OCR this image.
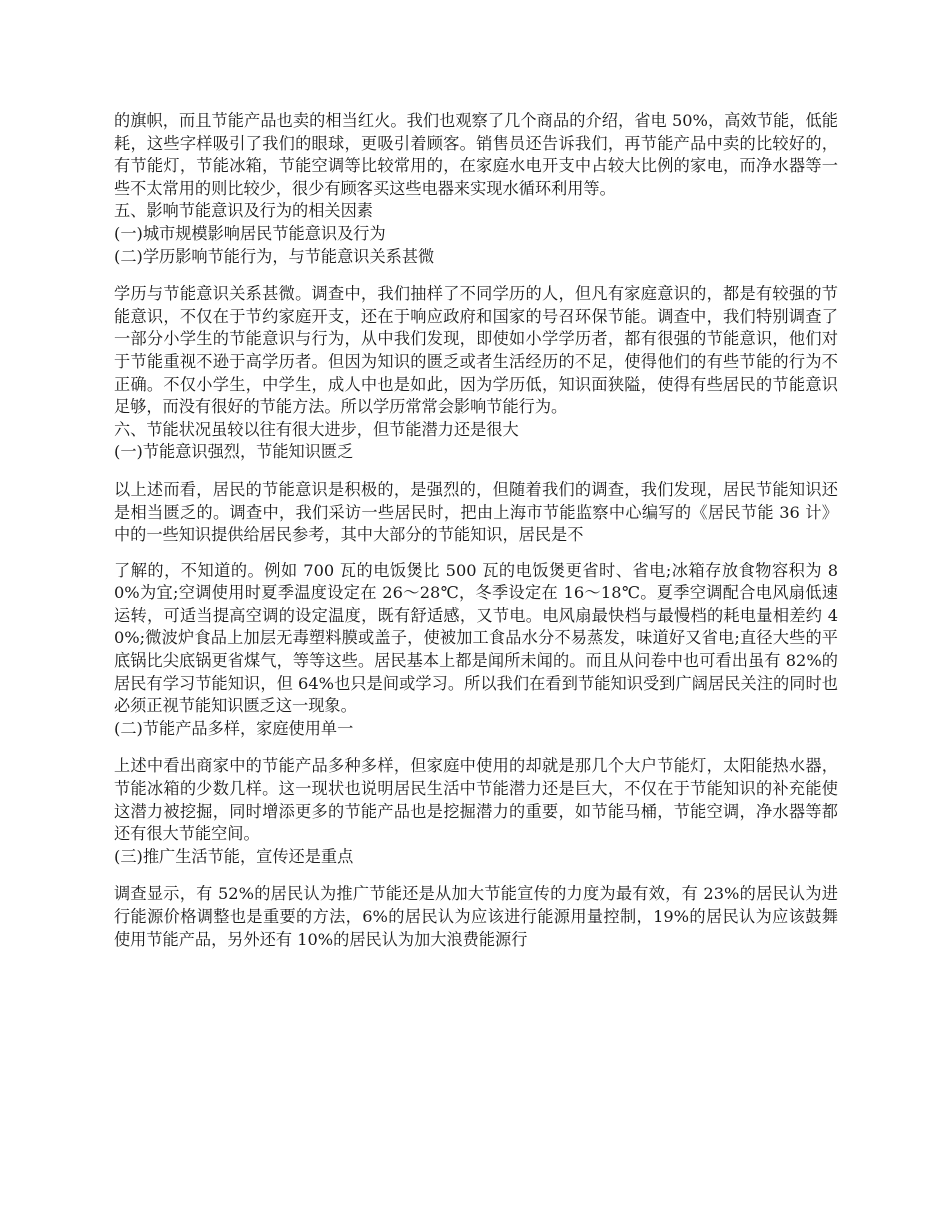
的旗帜，而且节能产品也卖的相当红火。我们也观察了几个商品的介绍，省电 50%，高效节能，低能耗，这些字样吸引了我们的眼球，更吸引着顾客。销售员还告诉我们，再节能产品中卖的比较好的，有节能灯，节能冰箱，节能空调等比较常用的，在家庭水电开支中占较大比例的家电，而净水器等一些不太常用的则比较少，很少有顾客买这些电器来实现水循环利用等。

五、影响节能意识及行为的相关因素

(一)城市规模影响居民节能意识及行为

(二)学历影响节能行为，与节能意识关系甚微

学历与节能意识关系甚微。调查中，我们抽样了不同学历的人，但凡有家庭意识的，都是有较强的节能意识，不仅在于节约家庭开支，还在于响应政府和国家的号召环保节能。调查中，我们特别调查了一部分小学生的节能意识与行为，从中我们发现，即使如小学学历者，都有很强的节能意识，他们对于节能重视不逊于高学历者。但因为知识的匮乏或者生活经历的不足，使得他们的有些节能的行为不正确。不仅小学生，中学生，成人中也是如此，因为学历低，知识面狭隘，使得有些居民的节能意识足够，而没有很好的节能方法。所以学历常常会影响节能行为。

六、节能状况虽较以往有很大进步，但节能潜力还是很大

(一)节能意识强烈，节能知识匮乏

以上述而看，居民的节能意识是积极的，是强烈的，但随着我们的调查，我们发现，居民节能知识还是相当匮乏的。调查中，我们采访一些居民时，把由上海市节能监察中心编写的《居民节能 36 计》中的一些知识提供给居民参考，其中大部分的节能知识，居民是不

了解的，不知道的。例如 700 瓦的电饭煲比 500 瓦的电饭煲更省时、省电;冰箱存放食物容积为 80%为宜;空调使用时夏季温度设定在 26～28℃，冬季设定在 16～18℃。夏季空调配合电风扇低速运转，可适当提高空调的设定温度，既有舒适感，又节电。电风扇最快档与最慢档的耗电量相差约 40%;微波炉食品上加层无毒塑料膜或盖子，使被加工食品水分不易蒸发，味道好又省电;直径大些的平底锅比尖底锅更省煤气，等等这些。居民基本上都是闻所未闻的。而且从问卷中也可看出虽有 82%的居民有学习节能知识，但 64%也只是间或学习。所以我们在看到节能知识受到广阔居民关注的同时也必须正视节能知识匮乏这一现象。

(二)节能产品多样，家庭使用单一

上述中看出商家中的节能产品多种多样，但家庭中使用的却就是那几个大户节能灯，太阳能热水器，节能冰箱的少数几样。这一现状也说明居民生活中节能潜力还是巨大，不仅在于节能知识的补充能使这潜力被挖掘，同时增添更多的节能产品也是挖掘潜力的重要，如节能马桶，节能空调，净水器等都还有很大节能空间。

(三)推广生活节能，宣传还是重点

调查显示，有 52%的居民认为推广节能还是从加大节能宣传的力度为最有效，有 23%的居民认为进行能源价格调整也是重要的方法，6%的居民认为应该进行能源用量控制，19%的居民认为应该鼓舞使用节能产品，另外还有 10%的居民认为加大浪费能源行
